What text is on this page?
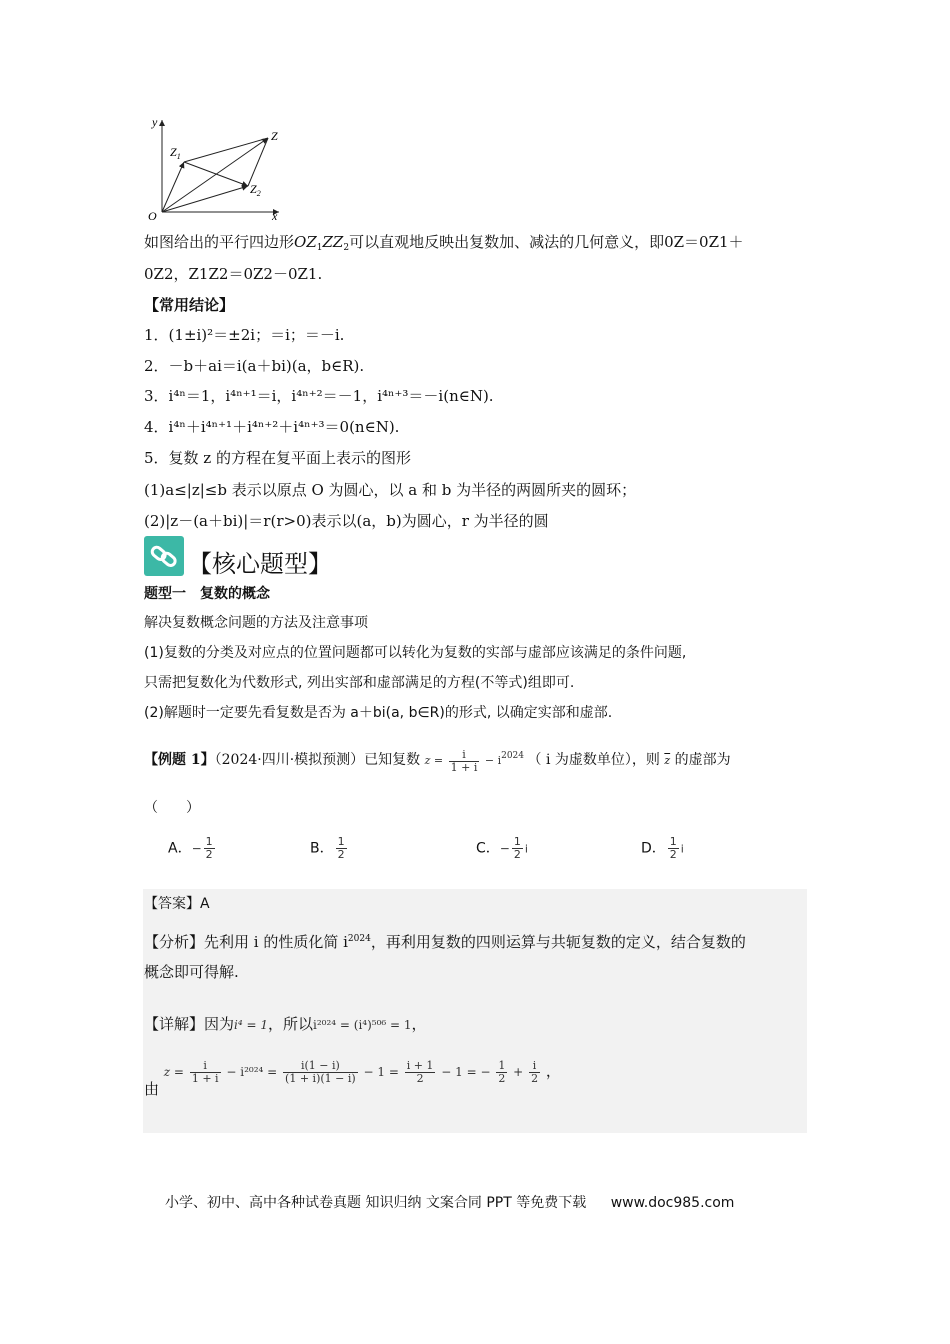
y
x
O
Z
$Z_1$
$Z_2$
如图给出的平行四边形$OZ_1ZZ_2$可以直观地反映出复数加、减法的几何意义，即0Z＝0Z1＋
0Z2，Z1Z2＝0Z2－0Z1.
【常用结论】
1．(1±i)²＝±2i；＝i；＝－i.
2．－b＋ai＝i(a＋bi)(a，b∈R).
3．i⁴ⁿ＝1，i⁴ⁿ⁺¹＝i，i⁴ⁿ⁺²＝－1，i⁴ⁿ⁺³＝－i(n∈N).
4．i⁴ⁿ＋i⁴ⁿ⁺¹＋i⁴ⁿ⁺²＋i⁴ⁿ⁺³＝0(n∈N).
5．复数 z 的方程在复平面上表示的图形
(1)a≤|z|≤b 表示以原点 O 为圆心，以 a 和 b 为半径的两圆所夹的圆环；
(2)|z－(a＋bi)|＝r(r>0)表示以(a，b)为圆心，r 为半径的圆
【核心题型】
题型一　复数的概念
解决复数概念问题的方法及注意事项
(1)复数的分类及对应点的位置问题都可以转化为复数的实部与虚部应该满足的条件问题,
只需把复数化为代数形式, 列出实部和虚部满足的方程(不等式)组即可.
(2)解题时一定要先看复数是否为 a＋bi(a, b∈R)的形式, 以确定实部和虚部.
【例题 1】（2024·四川·模拟预测）已知复数 $z = \frac{i}{1 + i} - i^{2024}$ （ i 为虚数单位），则 $\overline{z}$ 的虚部为
（　　）
A．− $\frac{1}{2}$	B． $\frac{1}{2}$	C．− $\frac{1}{2}$ i	D． $\frac{1}{2}$ i
【答案】A
【分析】先利用 i 的性质化简 $i^{2024}$，再利用复数的四则运算与共轭复数的定义，结合复数的
概念即可得解.
【详解】因为i⁴ = 1，所以i²⁰²⁴ = (i⁴)⁵⁰⁶ = 1，
由 $z = \frac{i}{1 + i} - i^{2024} = \frac{i(1 - i)}{(1 + i)(1 - i)} - 1 = \frac{i + 1}{2} - 1$ = − $\frac{1}{2} + \frac{i}{2}$ ，
小学、初中、高中各种试卷真题 知识归纳 文案合同 PPT 等免费下载 www.doc985.com
